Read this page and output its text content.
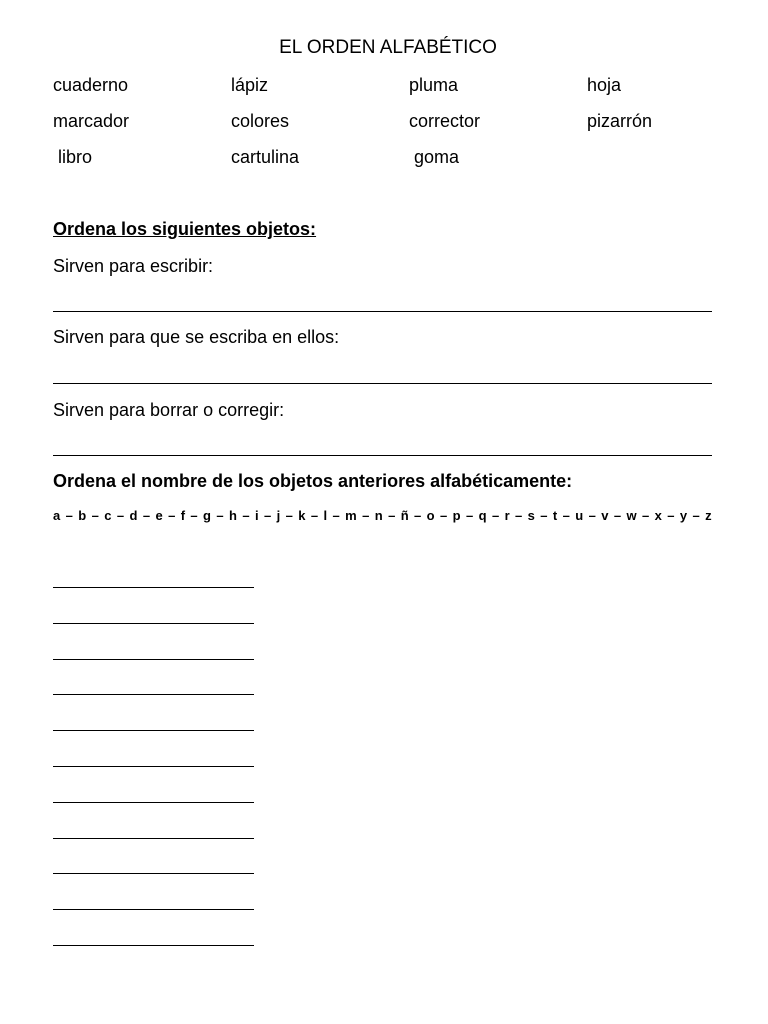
EL ORDEN ALFABÉTICO
cuaderno	lápiz	pluma	hoja
marcador	colores	corrector	pizarrón
libro	cartulina	goma
Ordena los siguientes objetos:
Sirven para escribir:
Sirven para que se escriba en ellos:
Sirven para borrar o corregir:
Ordena el nombre de los objetos anteriores alfabéticamente:
a – b – c – d – e – f – g – h – i – j – k – l – m – n – ñ – o – p – q – r – s – t – u – v – w – x – y – z
